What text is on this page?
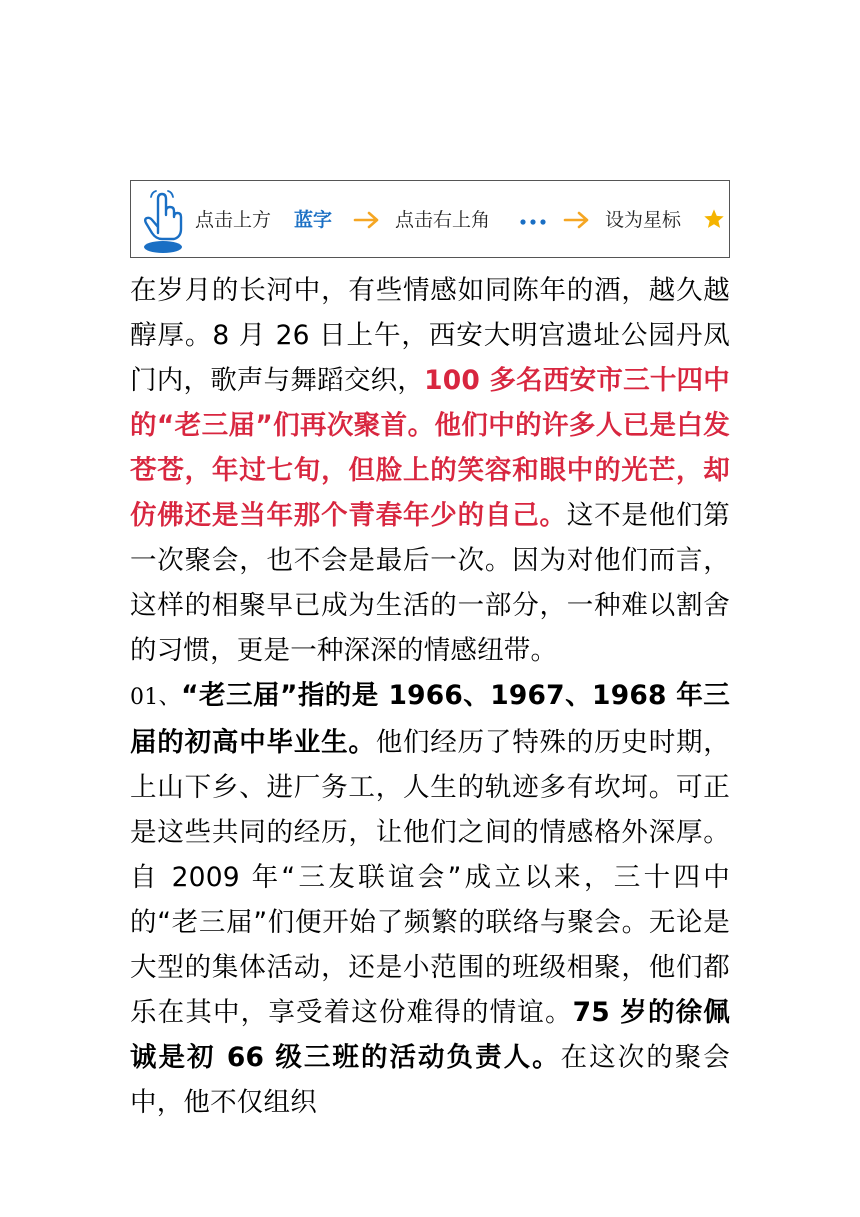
点击上方 蓝字	点击右上角	设为星标

在岁月的长河中，有些情感如同陈年的酒，越久越醇厚。8 月 26 日上午，西安大明宫遗址公园丹凤门内，歌声与舞蹈交织，100 多名西安市三十四中的“老三届”们再次聚首。他们中的许多人已是白发苍苍，年过七旬，但脸上的笑容和眼中的光芒，却仿佛还是当年那个青春年少的自己。这不是他们第一次聚会，也不会是最后一次。因为对他们而言，这样的相聚早已成为生活的一部分，一种难以割舍的习惯，更是一种深深的情感纽带。

01、“老三届”指的是 1966、1967、1968 年三届的初高中毕业生。他们经历了特殊的历史时期，上山下乡、进厂务工，人生的轨迹多有坎坷。可正是这些共同的经历，让他们之间的情感格外深厚。自 2009 年“三友联谊会”成立以来，三十四中的“老三届”们便开始了频繁的联络与聚会。无论是大型的集体活动，还是小范围的班级相聚，他们都乐在其中，享受着这份难得的情谊。75 岁的徐佩诚是初 66 级三班的活动负责人。在这次的聚会中，他不仅组织
